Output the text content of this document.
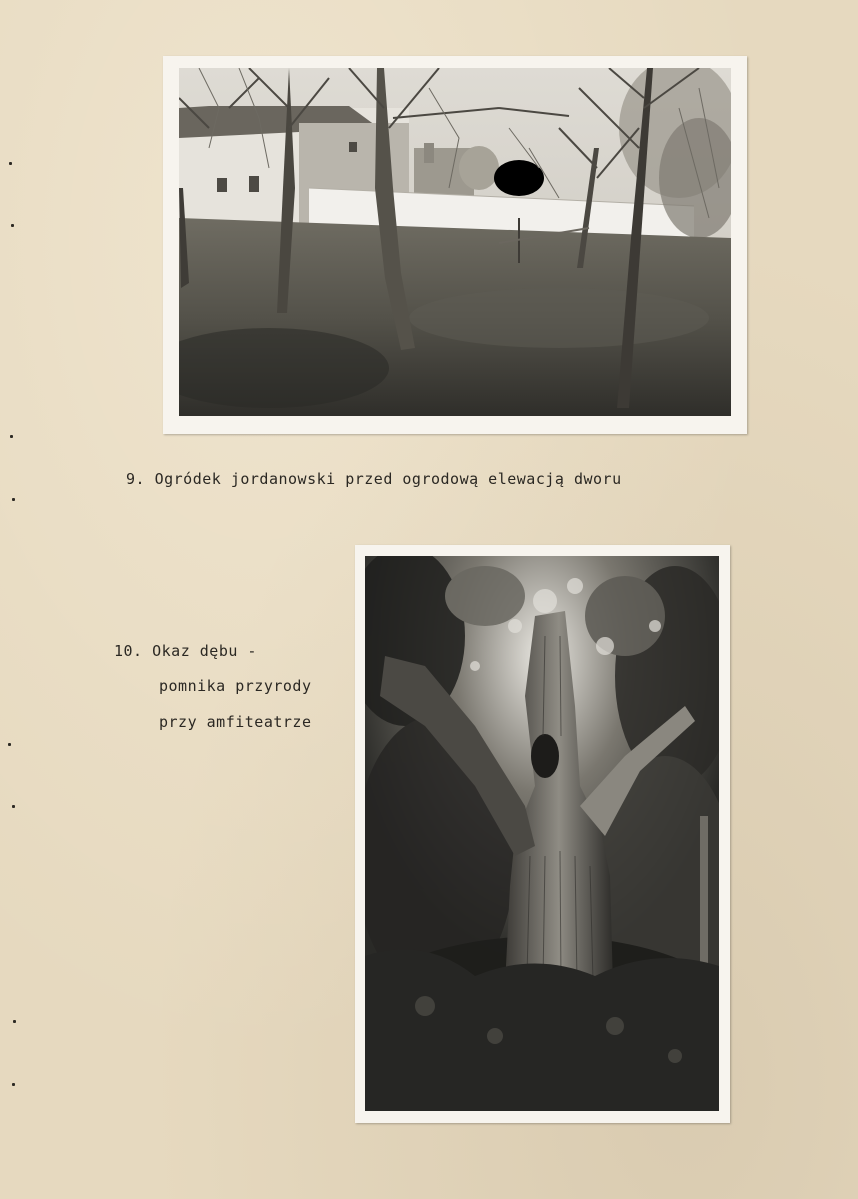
9. Ogródek jordanowski przed ogrodową elewacją dworu
10. Okaz dębu -
pomnika przyrody
przy amfiteatrze
